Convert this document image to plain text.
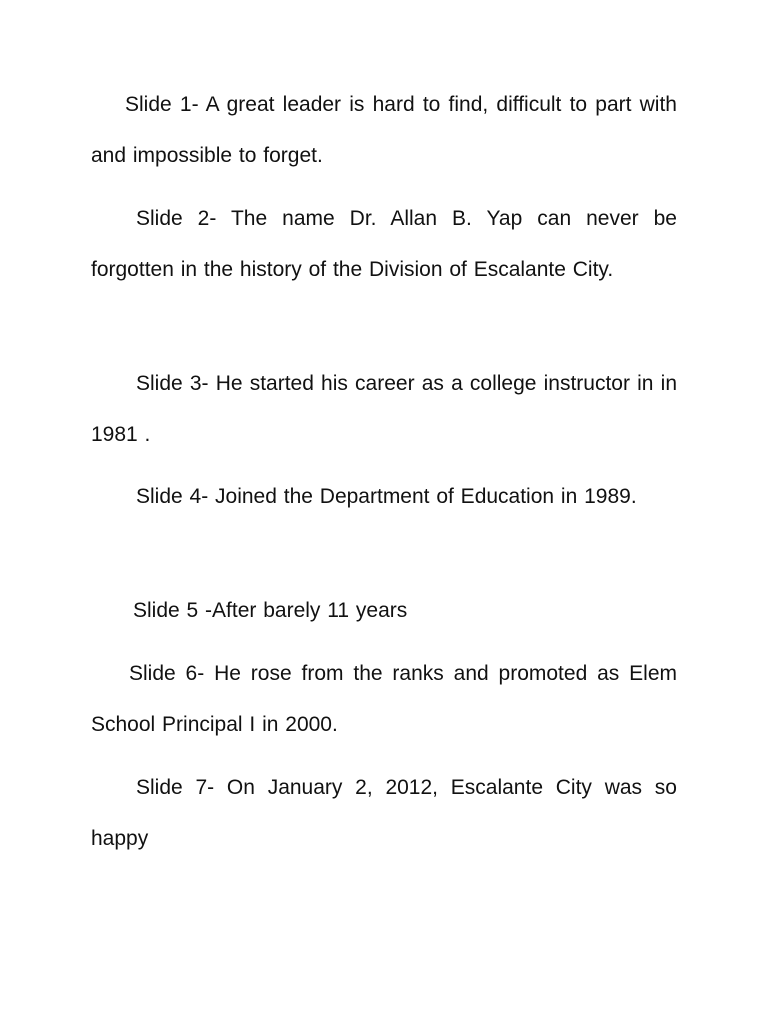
Slide 1- A great leader is hard to find, difficult to part with and impossible to forget.

Slide 2- The name Dr. Allan B. Yap can never be forgotten in the history of the Division of Escalante City.

Slide 3- He started his career as a college instructor in in 1981 .

Slide 4- Joined the Department of Education in 1989.

Slide 5 -After barely 11 years

Slide 6- He rose from the ranks and promoted as Elem School Principal I in 2000.

Slide 7- On January 2, 2012, Escalante City was so happy
